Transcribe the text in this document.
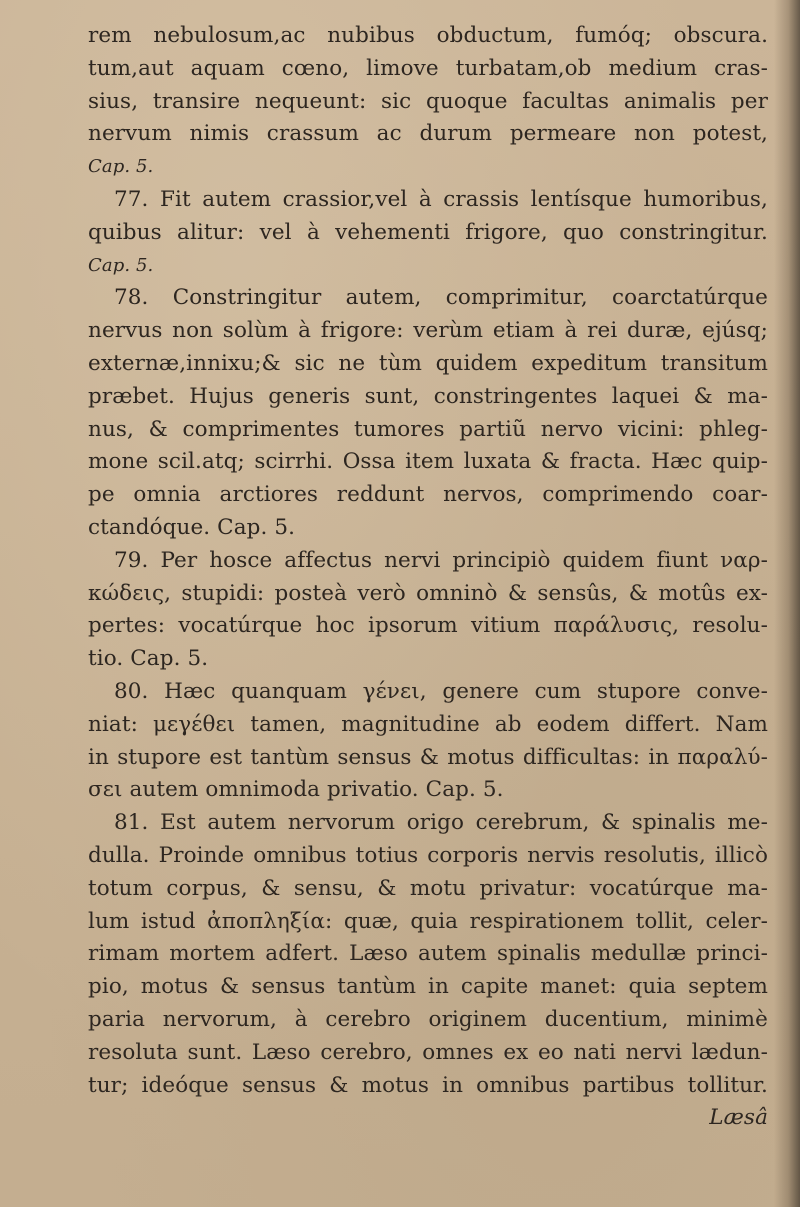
rem nebulosum,ac nubibus obductum, fumóq; obscura.
tum,aut aquam cœno, limove turbatam,ob medium cras-
sius, transire nequeunt: sic quoque facultas animalis per
nervum nimis crassum ac durum permeare non potest,
Cap. 5.
77. Fit autem crassior,vel à crassis lentísque humoribus,
quibus alitur: vel à vehementi frigore, quo constringitur.
Cap. 5.
78. Constringitur autem, comprimitur, coarctatúrque
nervus non solùm à frigore: verùm etiam à rei duræ, ejúsq;
externæ,innixu;& sic ne tùm quidem expeditum transitum
præbet. Hujus generis sunt, constringentes laquei & ma-
nus, & comprimentes tumores partiũ nervo vicini: phleg-
mone scil.atq; scirrhi. Ossa item luxata & fracta. Hæc quip-
pe omnia arctiores reddunt nervos, comprimendo coar-
ctandóque. Cap. 5.
79. Per hosce affectus nervi principiò quidem fiunt ναρ-
κώδεις, stupidi: posteà verò omninò & sensûs, & motûs ex-
pertes: vocatúrque hoc ipsorum vitium παράλυσις, resolu-
tio. Cap. 5.
80. Hæc quanquam γένει, genere cum stupore conve-
niat: μεγέθει tamen, magnitudine ab eodem differt. Nam
in stupore est tantùm sensus & motus difficultas: in παραλύ-
σει autem omnimoda privatio. Cap. 5.
81. Est autem nervorum origo cerebrum, & spinalis me-
dulla. Proinde omnibus totius corporis nervis resolutis, illicò
totum corpus, & sensu, & motu privatur: vocatúrque ma-
lum istud ἀποπληξία: quæ, quia respirationem tollit, celer-
rimam mortem adfert. Læso autem spinalis medullæ princi-
pio, motus & sensus tantùm in capite manet: quia septem
paria nervorum, à cerebro originem ducentium, minimè
resoluta sunt. Læso cerebro, omnes ex eo nati nervi lædun-
tur; ideóque sensus & motus in omnibus partibus tollitur.
Læsâ
